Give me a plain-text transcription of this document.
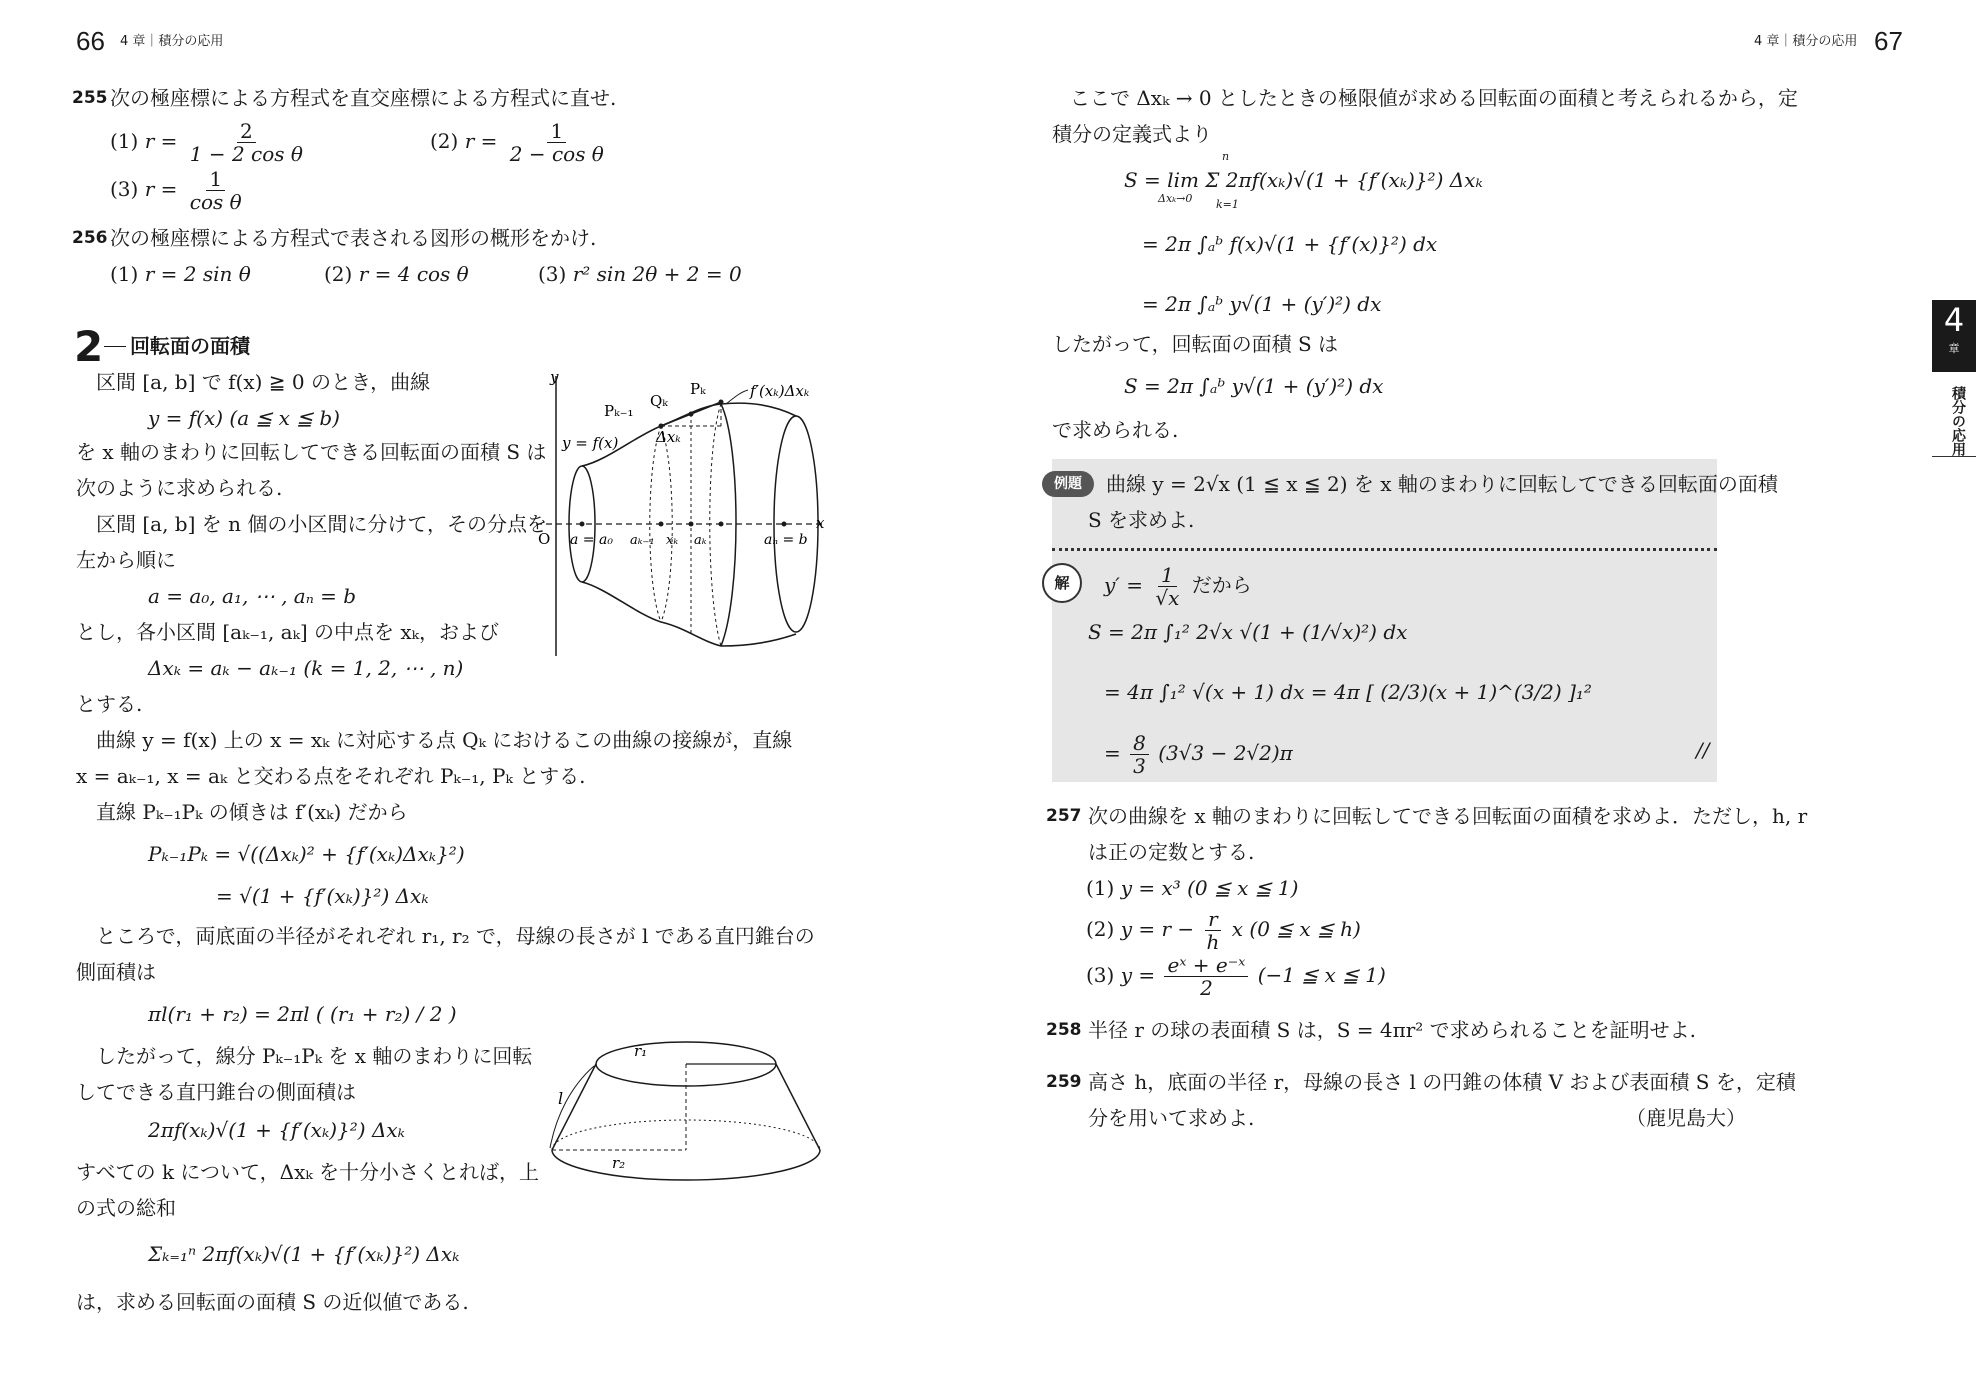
66 4 章｜積分の応用
255 次の極座標による方程式を直交座標による方程式に直せ.
(1) $r = \frac{2}{\text{1 − 2 cos θ}}$	(2) $r = \frac{1}{\text{2 − cos θ}}$
(3) $r = \frac{1}{\text{cos θ}}$
256 次の極座標による方程式で表される図形の概形をかけ.
(1) r = 2 sin θ	(2) r = 4 cos θ	(3) r² sin 2θ + 2 = 0
2 回転面の面積
区間 [a, b] で f(x) ≧ 0 のとき，曲線
y = f(x) (a ≦ x ≦ b)
を x 軸のまわりに回転してできる回転面の面積 S は
次のように求められる.
区間 [a, b] を n 個の小区間に分けて，その分点を
左から順に
a = a₀, a₁, ⋯ , aₙ = b
とし，各小区間 [aₖ₋₁, aₖ] の中点を xₖ，および
Δxₖ = aₖ − aₖ₋₁ (k = 1, 2, ⋯ , n)
とする.
曲線 y = f(x) 上の x = xₖ に対応する点 Qₖ におけるこの曲線の接線が，直線
x = aₖ₋₁, x = aₖ と交わる点をそれぞれ Pₖ₋₁, Pₖ とする.
直線 Pₖ₋₁Pₖ の傾きは f′(xₖ) だから
Pₖ₋₁Pₖ = √((Δxₖ)² + {f′(xₖ)Δxₖ}²)
= √(1 + {f′(xₖ)}²) Δxₖ
ところで，両底面の半径がそれぞれ r₁, r₂ で，母線の長さが l である直円錐台の
側面積は
πl(r₁ + r₂) = 2πl ( (r₁ + r₂) / 2 )
したがって，線分 Pₖ₋₁Pₖ を x 軸のまわりに回転
してできる直円錐台の側面積は
2πf(xₖ)√(1 + {f′(xₖ)}²) Δxₖ
すべての k について，Δxₖ を十分小さくとれば，上
の式の総和
Σₖ₌₁ⁿ 2πf(xₖ)√(1 + {f′(xₖ)}²) Δxₖ
は，求める回転面の面積 S の近似値である.
y
O
x
y = f(x)
Pₖ₋₁
Qₖ
Pₖ	f′(xₖ)Δxₖ
Δxₖ
a = a₀ aₖ₋₁ xₖ aₖ	aₙ = b
r₁
l
r₂
4 章｜積分の応用 67
ここで Δxₖ → 0 としたときの極限値が求める回転面の面積と考えられるから，定
積分の定義式より
S = lim Σ 2πf(xₖ)√(1 + {f′(xₖ)}²) Δxₖ
Δxₖ→0
n
k=1
= 2π ∫ₐᵇ f(x)√(1 + {f′(x)}²) dx
= 2π ∫ₐᵇ y√(1 + (y′)²) dx
したがって，回転面の面積 S は
S = 2π ∫ₐᵇ y√(1 + (y′)²) dx
で求められる.
例題	曲線 y = 2√x (1 ≦ x ≦ 2) を x 軸のまわりに回転してできる回転面の面積
S を求めよ.
解	$y' = \frac{1}{√x}$ だから
S = 2π ∫₁² 2√x √(1 + (1/√x)²) dx
= 4π ∫₁² √(x + 1) dx = 4π [ (2/3)(x + 1)^(3/2) ]₁²
= $\frac{8}{3} (3√3 - 2√2)\pi$	//
257 次の曲線を x 軸のまわりに回転してできる回転面の面積を求めよ．ただし，h, r
は正の定数とする.
(1) y = x³ (0 ≦ x ≦ 1)
(2) $y = r - \frac{r}{h}$ x (0 ≦ x ≦ h)
(3) $y = \frac{\text{eˣ + e⁻ˣ}}{2} (-1$ ≦ x ≦ 1)
258 半径 r の球の表面積 S は，S = 4πr² で求められることを証明せよ.
259 高さ h，底面の半径 r，母線の長さ l の円錐の体積 V および表面積 S を，定積
分を用いて求めよ.	（鹿児島大）
4
章
積分の応用
